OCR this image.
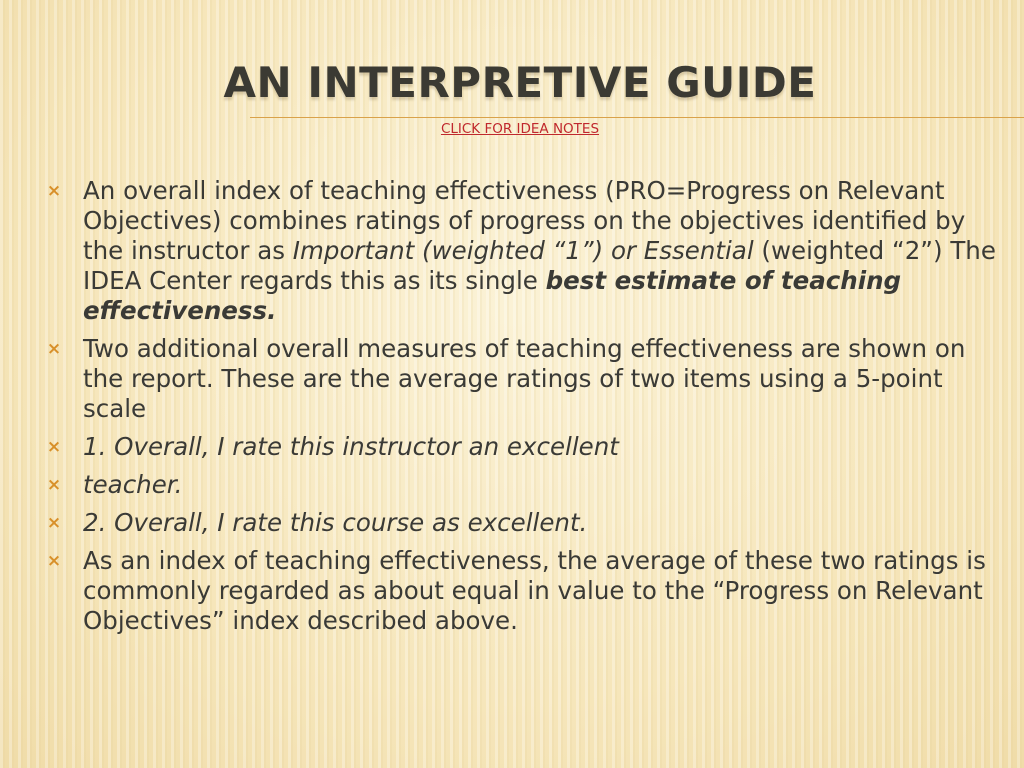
AN INTERPRETIVE GUIDE
CLICK FOR IDEA NOTES
× An overall index of teaching effectiveness (PRO=Progress on Relevant Objectives) combines ratings of progress on the objectives identified by the instructor as Important (weighted “1”) or Essential (weighted “2”) The IDEA Center regards this as its single best estimate of teaching effectiveness.
× Two additional overall measures of teaching effectiveness are shown on the report. These are the average ratings of two items using a 5-point scale
× 1. Overall, I rate this instructor an excellent
× teacher.
× 2. Overall, I rate this course as excellent.
× As an index of teaching effectiveness, the average of these two ratings is commonly regarded as about equal in value to the “Progress on Relevant Objectives” index described above.
